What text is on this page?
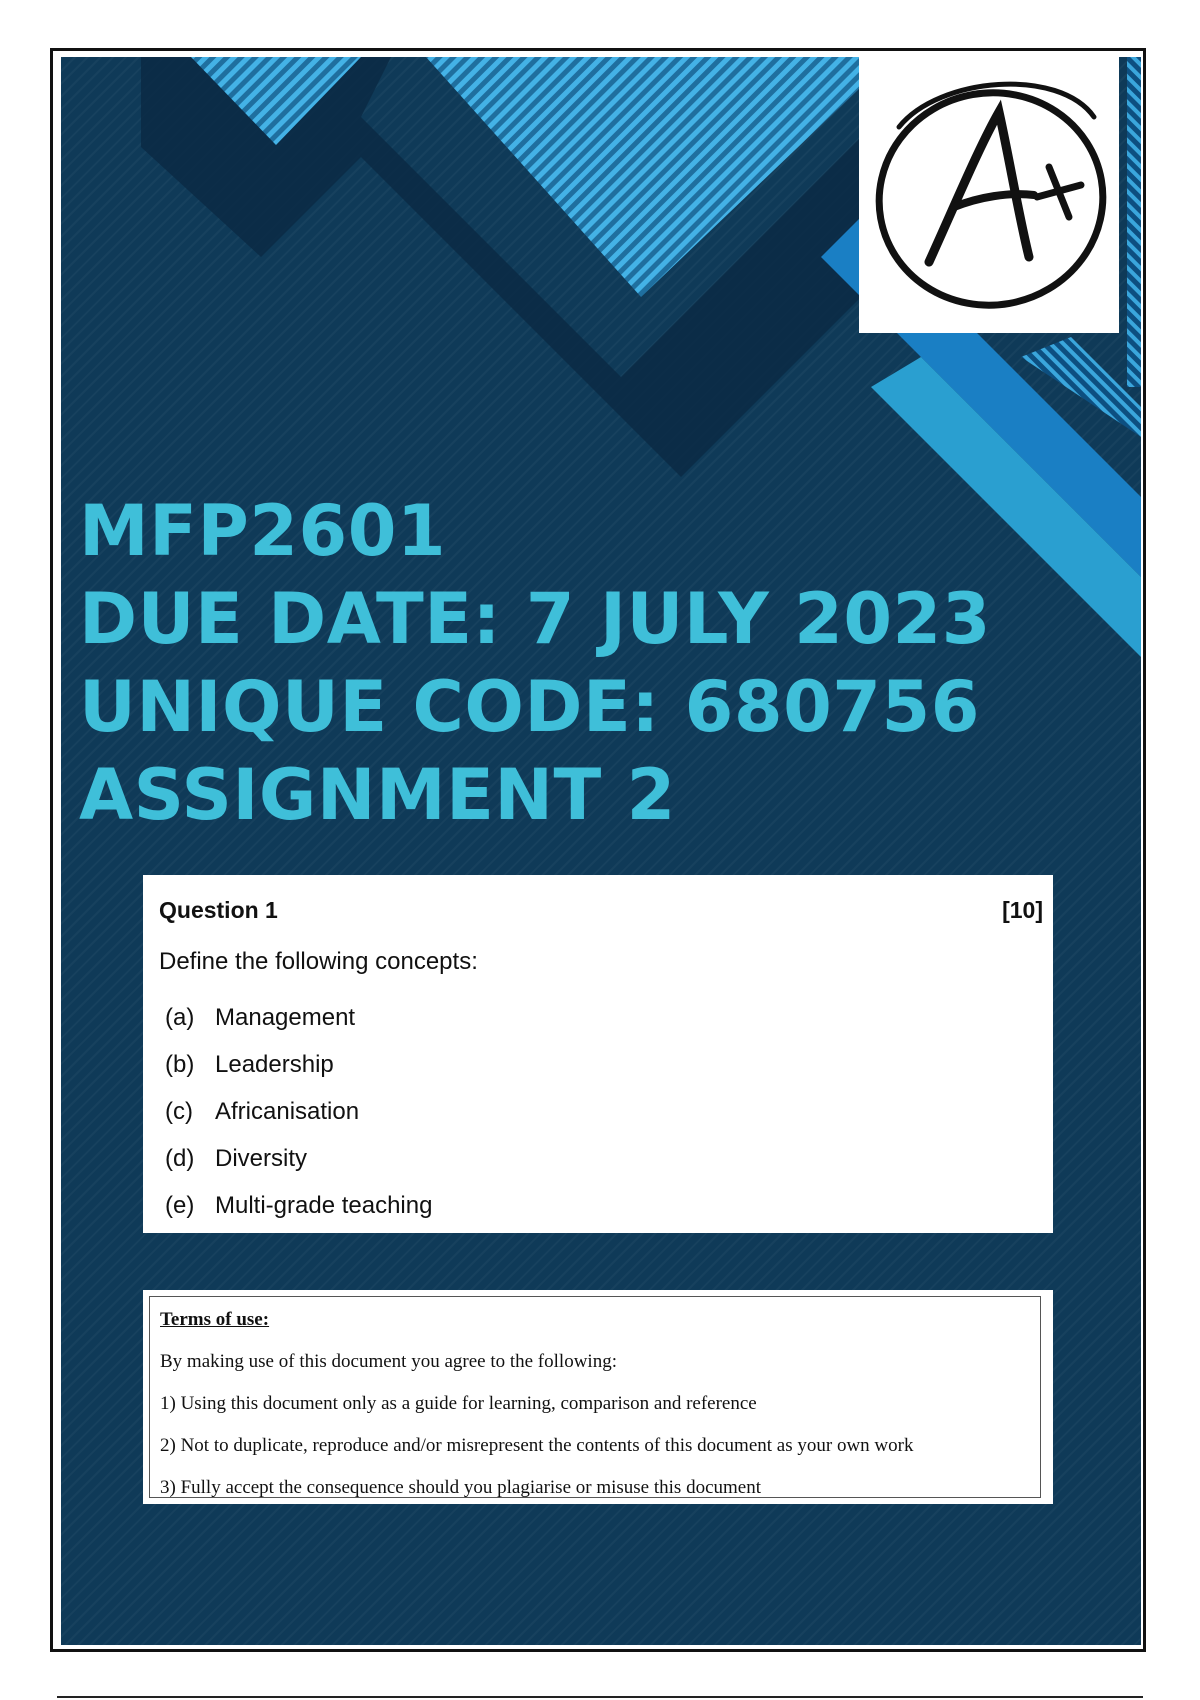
MFP2601
DUE DATE: 7 JULY 2023
UNIQUE CODE: 680756
ASSIGNMENT 2
Question 1	[10]
Define the following concepts:
(a) Management
(b) Leadership
(c) Africanisation
(d) Diversity
(e) Multi-grade teaching
Terms of use:
By making use of this document you agree to the following:
1) Using this document only as a guide for learning, comparison and reference
2) Not to duplicate, reproduce and/or misrepresent the contents of this document as your own work
3) Fully accept the consequence should you plagiarise or misuse this document
